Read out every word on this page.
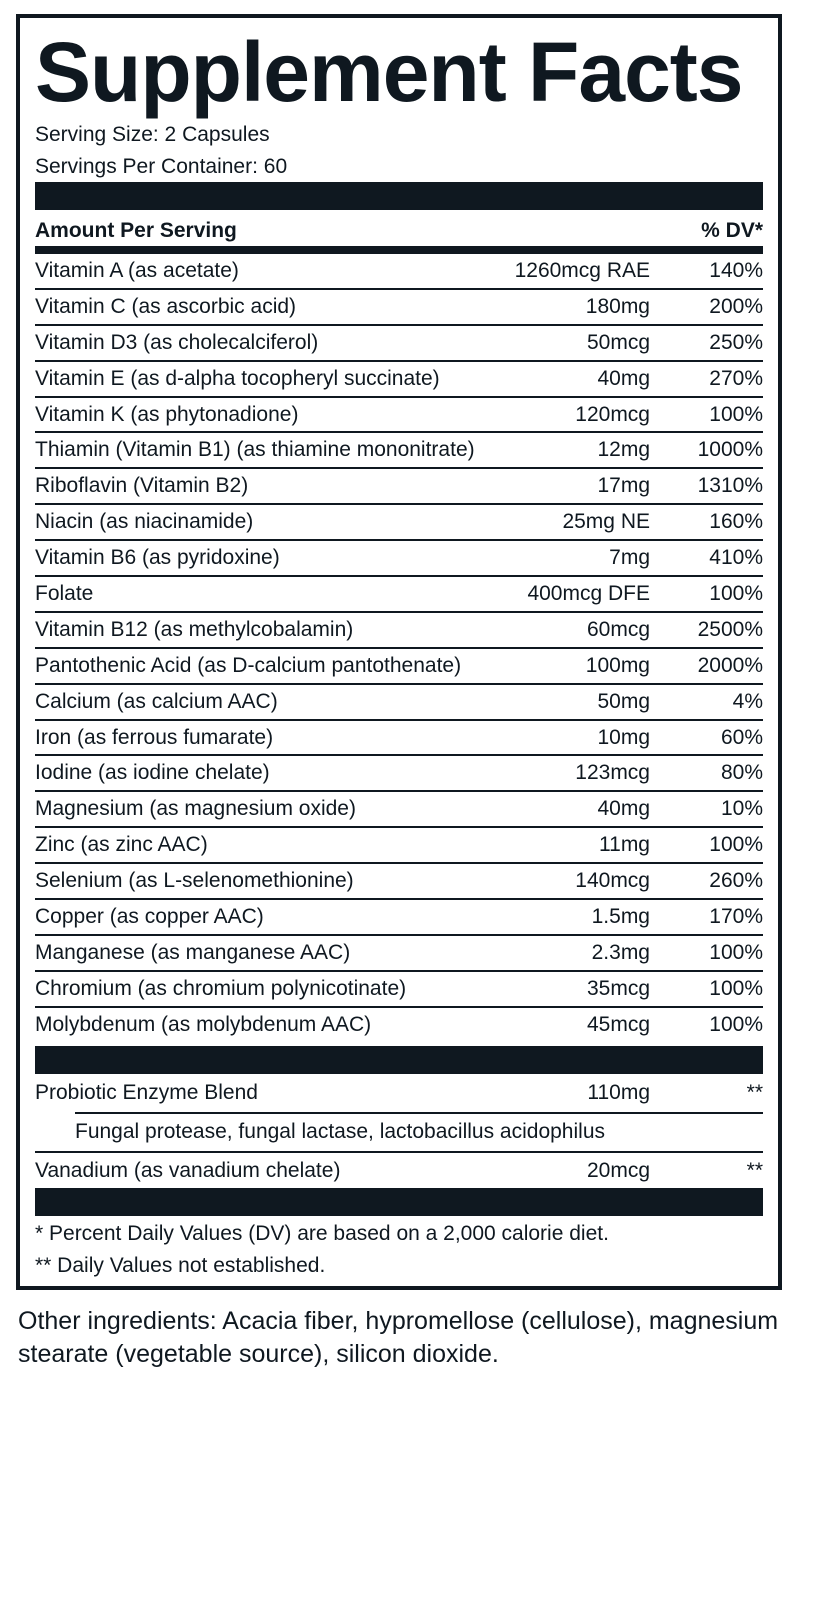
Supplement Facts
Serving Size: 2 Capsules
Servings Per Container: 60
Amount Per Serving	% DV*
Vitamin A (as acetate)	1260mcg RAE	140%
Vitamin C (as ascorbic acid)	180mg	200%
Vitamin D3 (as cholecalciferol)	50mcg	250%
Vitamin E (as d-alpha tocopheryl succinate)	40mg	270%
Vitamin K (as phytonadione)	120mcg	100%
Thiamin (Vitamin B1) (as thiamine mononitrate)	12mg 1000%
Riboflavin (Vitamin B2)	17mg 1310%
Niacin (as niacinamide)	25mg NE	160%
Vitamin B6 (as pyridoxine)	7mg	410%
Folate	400mcg DFE	100%
Vitamin B12 (as methylcobalamin)	60mcg 2500%
Pantothenic Acid (as D-calcium pantothenate)	100mg 2000%
Calcium (as calcium AAC)	50mg	4%
Iron (as ferrous fumarate)	10mg	60%
Iodine (as iodine chelate)	123mcg	80%
Magnesium (as magnesium oxide)	40mg	10%
Zinc (as zinc AAC)	11mg	100%
Selenium (as L-selenomethionine)	140mcg	260%
Copper (as copper AAC)	1.5mg	170%
Manganese (as manganese AAC)	2.3mg	100%
Chromium (as chromium polynicotinate)	35mcg	100%
Molybdenum (as molybdenum AAC)	45mcg	100%
Probiotic Enzyme Blend	110mg	**
Fungal protease, fungal lactase, lactobacillus acidophilus
Vanadium (as vanadium chelate)	20mcg	**
* Percent Daily Values (DV) are based on a 2,000 calorie diet.
** Daily Values not established.

Other ingredients: Acacia fiber, hypromellose (cellulose), magnesium stearate (vegetable source), silicon dioxide.
